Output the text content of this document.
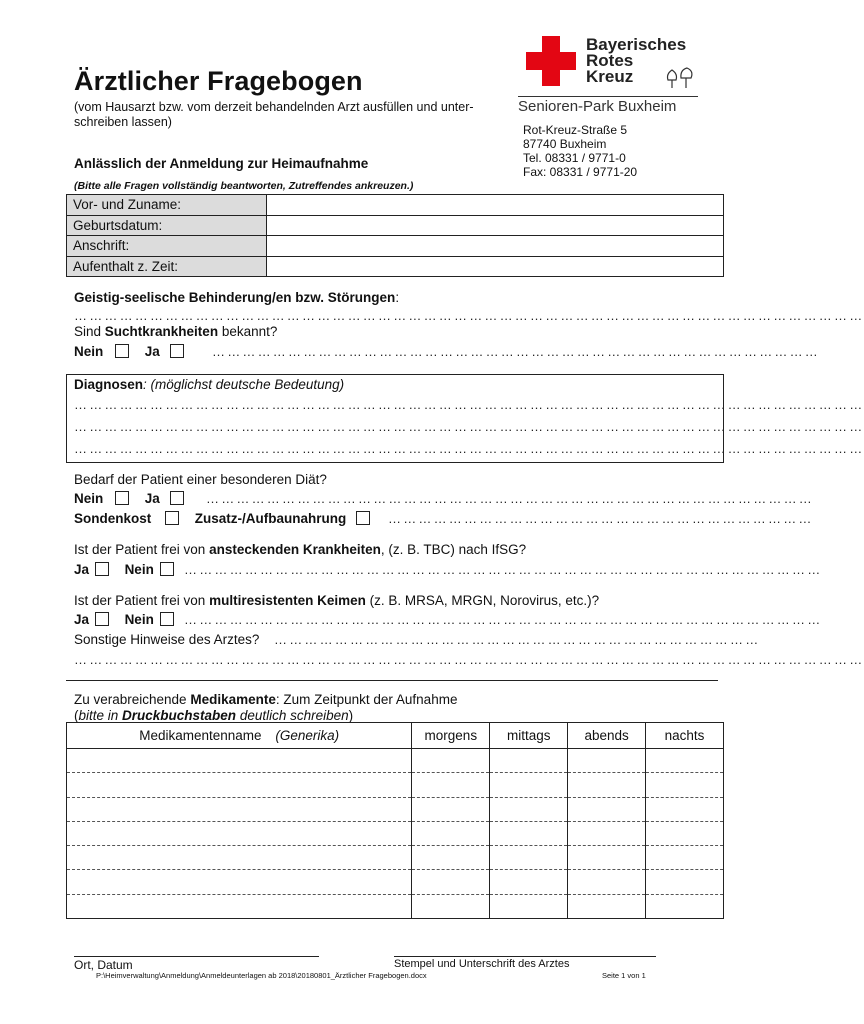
Ärztlicher Fragebogen
(vom Hausarzt bzw. vom derzeit behandelnden Arzt ausfüllen und unter-
schreiben lassen)
Anlässlich der Anmeldung zur Heimaufnahme
(Bitte alle Fragen vollständig beantworten, Zutreffendes ankreuzen.)
Bayerisches
Rotes
Kreuz
Senioren-Park Buxheim
Rot-Kreuz-Straße 5
87740 Buxheim
Tel. 08331 / 9771-0
Fax: 08331 / 9771-20
Vor- und Zuname:	
Geburtsdatum:	
Anschrift:	
Aufenthalt z. Zeit:	
Geistig-seelische Behinderung/en bzw. Störungen:
…………………………………………………………………………………………………………………………………………
Sind Suchtkrankheiten bekannt?
Nein	Ja	…………………………………………………………………………………………………………
Diagnosen: (möglichst deutsche Bedeutung)
…………………………………………………………………………………………………………………………………………
…………………………………………………………………………………………………………………………………………
…………………………………………………………………………………………………………………………………………
Bedarf der Patient einer besonderen Diät?
Nein	Ja	…………………………………………………………………………………………………………
Sondenkost	Zusatz-/Aufbaunahrung	…………………………………………………………………………
Ist der Patient frei von ansteckenden Krankheiten, (z. B. TBC) nach IfSG?
Ja	Nein	………………………………………………………………………………………………………………
Ist der Patient frei von multiresistenten Keimen (z. B. MRSA, MRGN, Norovirus, etc.)?
Ja	Nein	………………………………………………………………………………………………………………
Sonstige Hinweise des Arztes? ……………………………………………………………………………………
…………………………………………………………………………………………………………………………………………
Zu verabreichende Medikamente: Zum Zeitpunkt der Aufnahme
(bitte in Druckbuchstaben deutlich schreiben)
Medikamentenname (Generika)	morgens	mittags	abends	nachts

Ort, Datum	Stempel und Unterschrift des Arztes
P:\Heimverwaltung\Anmeldung\Anmeldeunterlagen ab 2018\20180801_Ärztlicher Fragebogen.docx	Seite 1 von 1
